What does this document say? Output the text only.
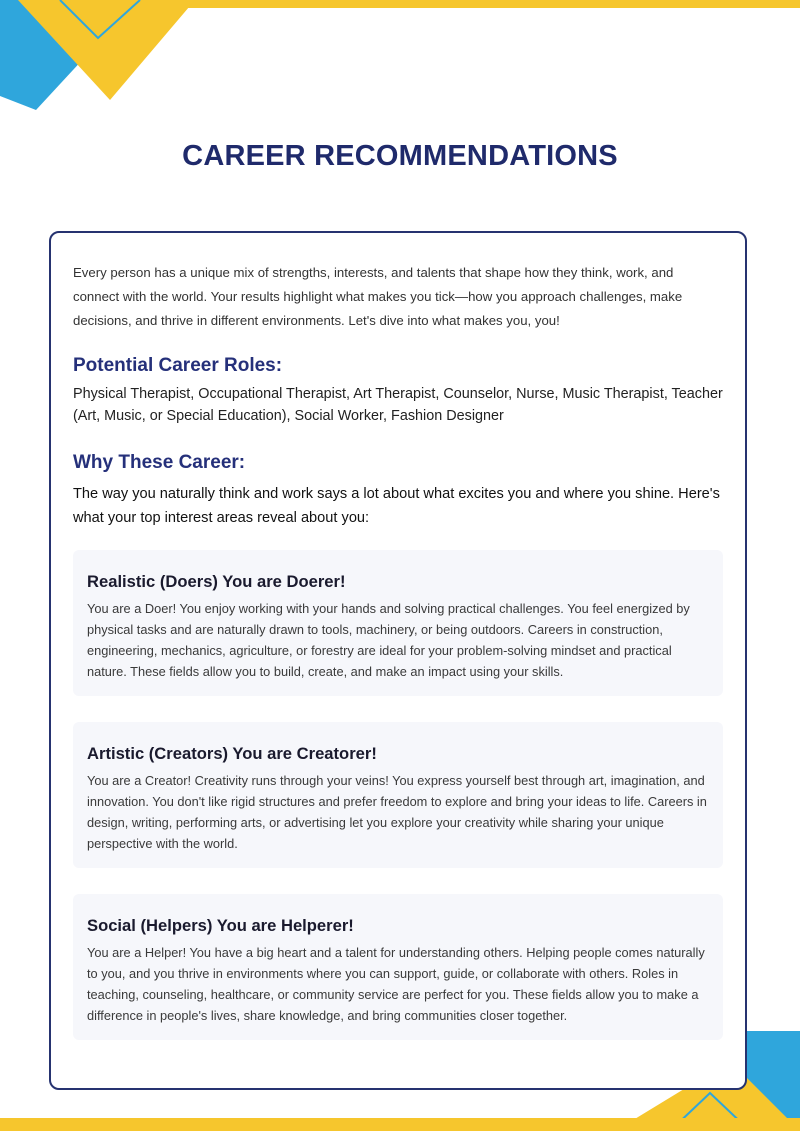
CAREER RECOMMENDATIONS

Every person has a unique mix of strengths, interests, and talents that shape how they think, work, and connect with the world. Your results highlight what makes you tick—how you approach challenges, make decisions, and thrive in different environments. Let's dive into what makes you, you!

Potential Career Roles:

Physical Therapist, Occupational Therapist, Art Therapist, Counselor, Nurse, Music Therapist, Teacher (Art, Music, or Special Education), Social Worker, Fashion Designer

Why These Career:

The way you naturally think and work says a lot about what excites you and where you shine. Here's what your top interest areas reveal about you:

Realistic (Doers) You are Doerer!

You are a Doer! You enjoy working with your hands and solving practical challenges. You feel energized by physical tasks and are naturally drawn to tools, machinery, or being outdoors. Careers in construction, engineering, mechanics, agriculture, or forestry are ideal for your problem-solving mindset and practical nature. These fields allow you to build, create, and make an impact using your skills.

Artistic (Creators) You are Creatorer!

You are a Creator! Creativity runs through your veins! You express yourself best through art, imagination, and innovation. You don't like rigid structures and prefer freedom to explore and bring your ideas to life. Careers in design, writing, performing arts, or advertising let you explore your creativity while sharing your unique perspective with the world.

Social (Helpers) You are Helperer!

You are a Helper! You have a big heart and a talent for understanding others. Helping people comes naturally to you, and you thrive in environments where you can support, guide, or collaborate with others. Roles in teaching, counseling, healthcare, or community service are perfect for you. These fields allow you to make a difference in people's lives, share knowledge, and bring communities closer together.
